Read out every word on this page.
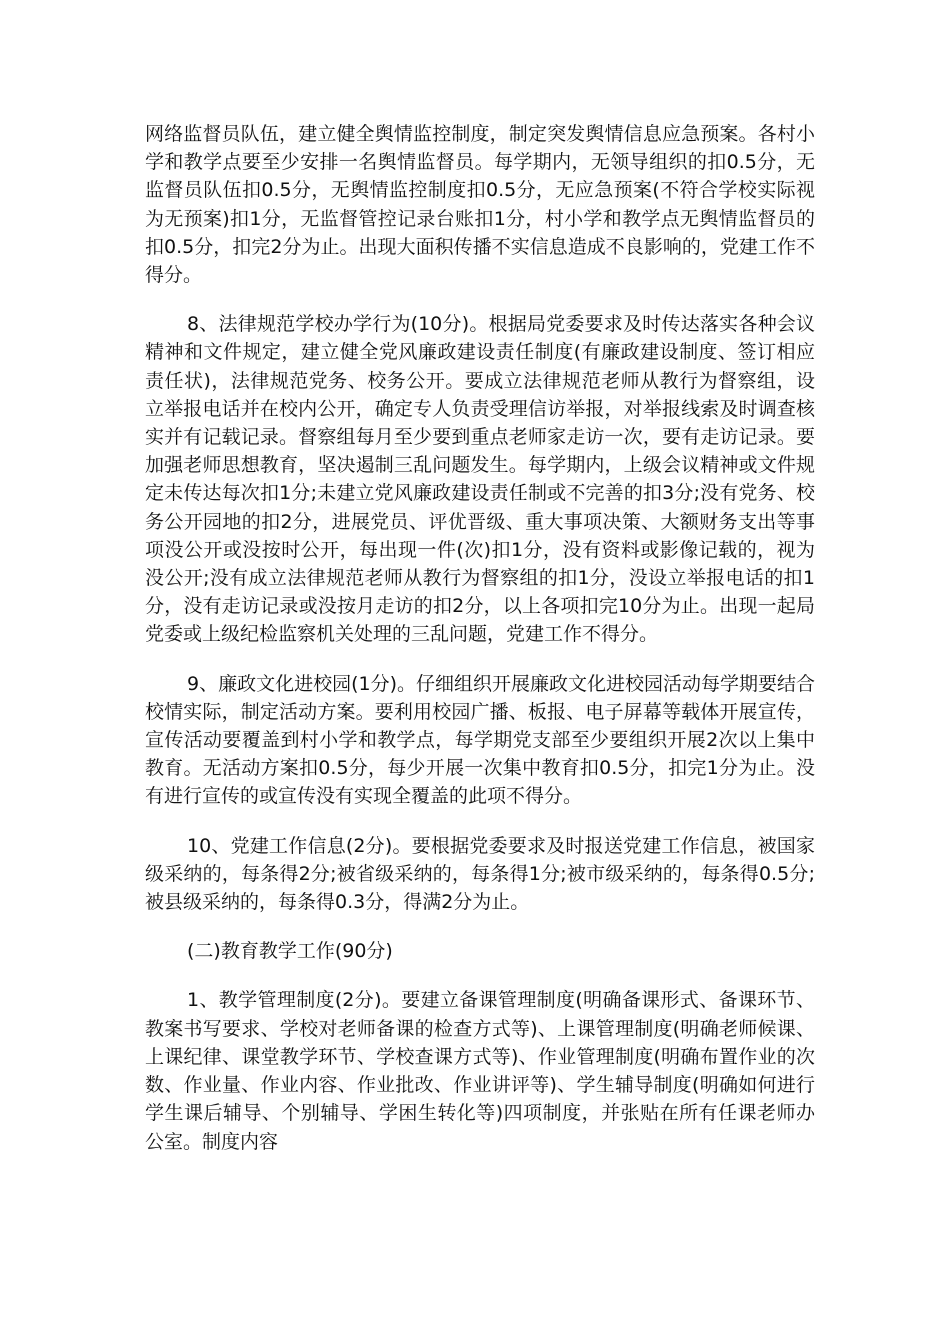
网络监督员队伍，建立健全舆情监控制度，制定突发舆情信息应急预案。各村小学和教学点要至少安排一名舆情监督员。每学期内，无领导组织的扣0.5分，无监督员队伍扣0.5分，无舆情监控制度扣0.5分，无应急预案(不符合学校实际视为无预案)扣1分，无监督管控记录台账扣1分，村小学和教学点无舆情监督员的扣0.5分，扣完2分为止。出现大面积传播不实信息造成不良影响的，党建工作不得分。

8、法律规范学校办学行为(10分)。根据局党委要求及时传达落实各种会议精神和文件规定，建立健全党风廉政建设责任制度(有廉政建设制度、签订相应责任状)，法律规范党务、校务公开。要成立法律规范老师从教行为督察组，设立举报电话并在校内公开，确定专人负责受理信访举报，对举报线索及时调查核实并有记载记录。督察组每月至少要到重点老师家走访一次，要有走访记录。要加强老师思想教育，坚决遏制三乱问题发生。每学期内，上级会议精神或文件规定未传达每次扣1分;未建立党风廉政建设责任制或不完善的扣3分;没有党务、校务公开园地的扣2分，进展党员、评优晋级、重大事项决策、大额财务支出等事项没公开或没按时公开，每出现一件(次)扣1分，没有资料或影像记载的，视为没公开;没有成立法律规范老师从教行为督察组的扣1分，没设立举报电话的扣1分，没有走访记录或没按月走访的扣2分，以上各项扣完10分为止。出现一起局党委或上级纪检监察机关处理的三乱问题，党建工作不得分。

9、廉政文化进校园(1分)。仔细组织开展廉政文化进校园活动每学期要结合校情实际，制定活动方案。要利用校园广播、板报、电子屏幕等载体开展宣传，宣传活动要覆盖到村小学和教学点，每学期党支部至少要组织开展2次以上集中教育。无活动方案扣0.5分，每少开展一次集中教育扣0.5分，扣完1分为止。没有进行宣传的或宣传没有实现全覆盖的此项不得分。

10、党建工作信息(2分)。要根据党委要求及时报送党建工作信息，被国家级采纳的，每条得2分;被省级采纳的，每条得1分;被市级采纳的，每条得0.5分;被县级采纳的，每条得0.3分，得满2分为止。

(二)教育教学工作(90分)

1、教学管理制度(2分)。要建立备课管理制度(明确备课形式、备课环节、教案书写要求、学校对老师备课的检查方式等)、上课管理制度(明确老师候课、上课纪律、课堂教学环节、学校查课方式等)、作业管理制度(明确布置作业的次数、作业量、作业内容、作业批改、作业讲评等)、学生辅导制度(明确如何进行学生课后辅导、个别辅导、学困生转化等)四项制度，并张贴在所有任课老师办公室。制度内容
